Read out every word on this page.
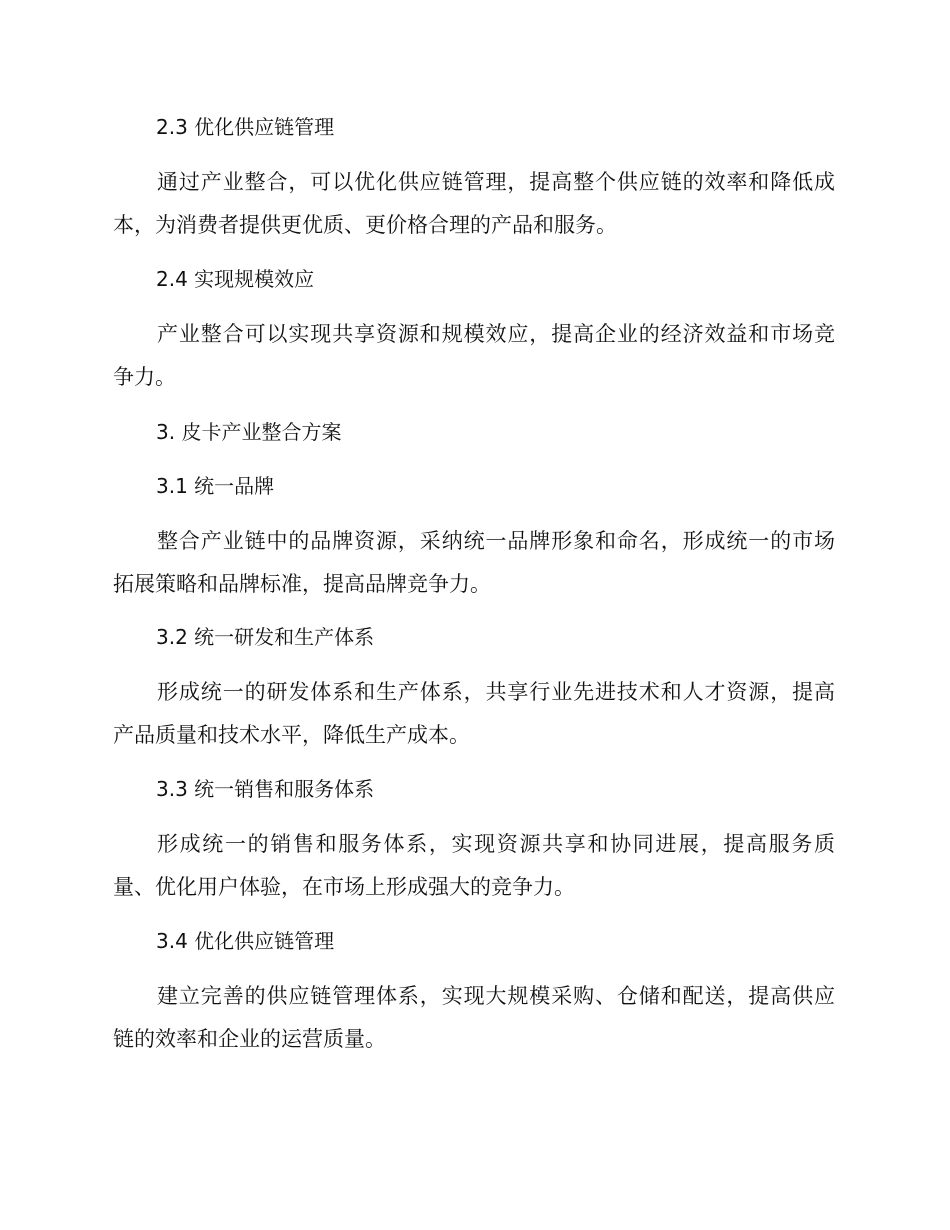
2.3 优化供应链管理

通过产业整合，可以优化供应链管理，提高整个供应链的效率和降低成
本，为消费者提供更优质、更价格合理的产品和服务。

2.4 实现规模效应

产业整合可以实现共享资源和规模效应，提高企业的经济效益和市场竞
争力。

3. 皮卡产业整合方案
3.1 统一品牌

整合产业链中的品牌资源，采纳统一品牌形象和命名，形成统一的市场
拓展策略和品牌标准，提高品牌竞争力。

3.2 统一研发和生产体系

形成统一的研发体系和生产体系，共享行业先进技术和人才资源，提高
产品质量和技术水平，降低生产成本。

3.3 统一销售和服务体系

形成统一的销售和服务体系，实现资源共享和协同进展，提高服务质
量、优化用户体验，在市场上形成强大的竞争力。

3.4 优化供应链管理

建立完善的供应链管理体系，实现大规模采购、仓储和配送，提高供应
链的效率和企业的运营质量。
